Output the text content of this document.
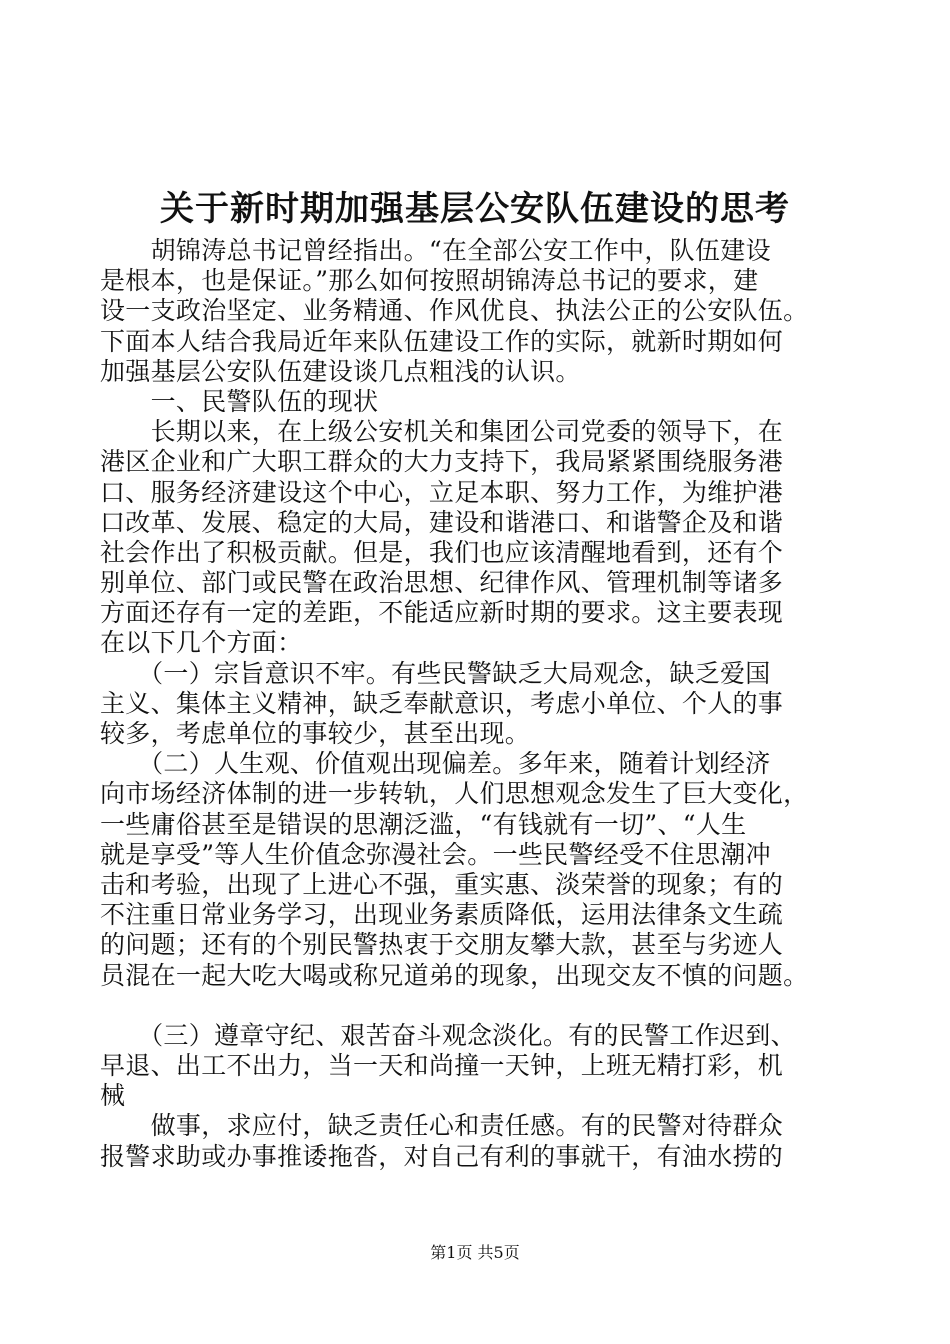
关于新时期加强基层公安队伍建设的思考
　　胡锦涛总书记曾经指出。“在全部公安工作中，队伍建设
是根本，也是保证。”那么如何按照胡锦涛总书记的要求，建
设一支政治坚定、业务精通、作风优良、执法公正的公安队伍。
下面本人结合我局近年来队伍建设工作的实际，就新时期如何
加强基层公安队伍建设谈几点粗浅的认识。
　　一、民警队伍的现状
　　长期以来，在上级公安机关和集团公司党委的领导下，在
港区企业和广大职工群众的大力支持下，我局紧紧围绕服务港
口、服务经济建设这个中心，立足本职、努力工作，为维护港
口改革、发展、稳定的大局，建设和谐港口、和谐警企及和谐
社会作出了积极贡献。但是，我们也应该清醒地看到，还有个
别单位、部门或民警在政治思想、纪律作风、管理机制等诸多
方面还存有一定的差距，不能适应新时期的要求。这主要表现
在以下几个方面：
　　（一）宗旨意识不牢。有些民警缺乏大局观念，缺乏爱国
主义、集体主义精神，缺乏奉献意识，考虑小单位、个人的事
较多，考虑单位的事较少，甚至出现。
　　（二）人生观、价值观出现偏差。多年来，随着计划经济
向市场经济体制的进一步转轨，人们思想观念发生了巨大变化，
一些庸俗甚至是错误的思潮泛滥，“有钱就有一切”、“人生
就是享受”等人生价值念弥漫社会。一些民警经受不住思潮冲
击和考验，出现了上进心不强，重实惠、淡荣誉的现象；有的
不注重日常业务学习，出现业务素质降低，运用法律条文生疏
的问题；还有的个别民警热衷于交朋友攀大款，甚至与劣迹人
员混在一起大吃大喝或称兄道弟的现象，出现交友不慎的问题。
　　（三）遵章守纪、艰苦奋斗观念淡化。有的民警工作迟到、
早退、出工不出力，当一天和尚撞一天钟，上班无精打彩，机
械
　　做事，求应付，缺乏责任心和责任感。有的民警对待群众
报警求助或办事推诿拖沓，对自己有利的事就干，有油水捞的
第1页 共5页
